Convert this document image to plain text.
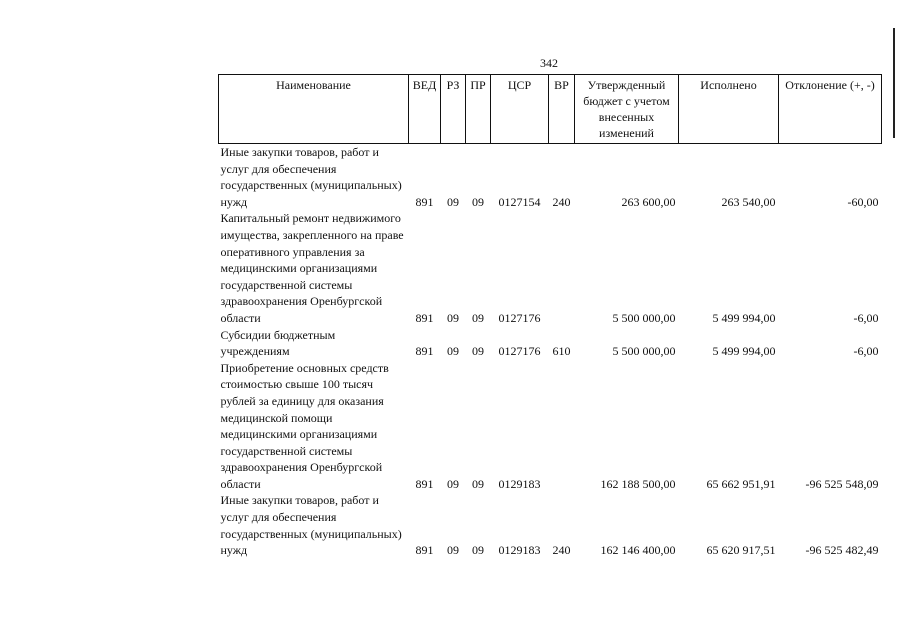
342
Наименование	ВЕД	РЗ	ПР	ЦСР	ВР	Утвержденный бюджет с учетом внесенных изменений	Исполнено	Отклонение (+, -)
Иные закупки товаров, работ и услуг для обеспечения государственных (муниципальных) нужд	891	09	09	0127154	240	263 600,00	263 540,00	-60,00
Капитальный ремонт недвижимого имущества, закрепленного на праве оперативного управления за медицинскими организациями государственной системы здравоохранения Оренбургской области	891	09	09	0127176		5 500 000,00	5 499 994,00	-6,00
Субсидии бюджетным учреждениям	891	09	09	0127176	610	5 500 000,00	5 499 994,00	-6,00
Приобретение основных средств стоимостью свыше 100 тысяч рублей за единицу для оказания медицинской помощи медицинскими организациями государственной системы здравоохранения Оренбургской области	891	09	09	0129183		162 188 500,00	65 662 951,91	-96 525 548,09
Иные закупки товаров, работ и услуг для обеспечения государственных (муниципальных) нужд	891	09	09	0129183	240	162 146 400,00	65 620 917,51	-96 525 482,49
